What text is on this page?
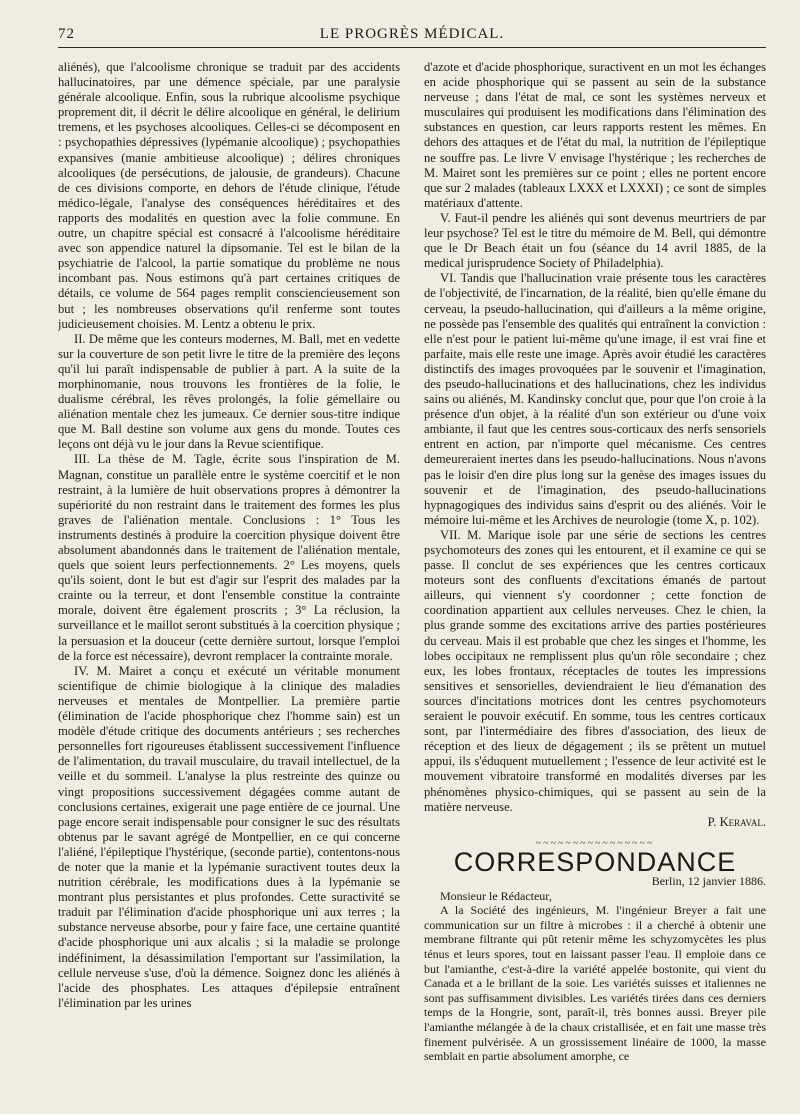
72	LE PROGRÈS MÉDICAL.

aliénés), que l'alcoolisme chronique se traduit par des accidents hallucinatoires, par une démence spéciale, par une paralysie générale alcoolique. Enfin, sous la rubrique alcoolisme psychique proprement dit, il décrit le délire alcoolique en général, le delirium tremens, et les psychoses alcooliques. Celles-ci se décomposent en : psychopathies dépressives (lypémanie alcoolique) ; psychopathies expansives (manie ambitieuse alcoolique) ; délires chroniques alcooliques (de persécutions, de jalousie, de grandeurs). Chacune de ces divisions comporte, en dehors de l'étude clinique, l'étude médico-légale, l'analyse des conséquences héréditaires et des rapports des modalités en question avec la folie commune. En outre, un chapitre spécial est consacré à l'alcoolisme héréditaire avec son appendice naturel la dipsomanie. Tel est le bilan de la psychiatrie de l'alcool, la partie somatique du problème ne nous incombant pas. Nous estimons qu'à part certaines critiques de détails, ce volume de 564 pages remplit consciencieusement son but ; les nombreuses observations qu'il renferme sont toutes judicieusement choisies. M. Lentz a obtenu le prix.

II. De même que les conteurs modernes, M. Ball, met en vedette sur la couverture de son petit livre le titre de la première des leçons qu'il lui paraît indispensable de publier à part. A la suite de la morphinomanie, nous trouvons les frontières de la folie, le dualisme cérébral, les rêves prolongés, la folie gémellaire ou aliénation mentale chez les jumeaux. Ce dernier sous-titre indique que M. Ball destine son volume aux gens du monde. Toutes ces leçons ont déjà vu le jour dans la Revue scientifique.

III. La thèse de M. Tagle, écrite sous l'inspiration de M. Magnan, constitue un parallèle entre le système coercitif et le non restraint, à la lumière de huit observations propres à démontrer la supériorité du non restraint dans le traitement des formes les plus graves de l'aliénation mentale. Conclusions : 1° Tous les instruments destinés à produire la coercition physique doivent être absolument abandonnés dans le traitement de l'aliénation mentale, quels que soient leurs perfectionnements. 2° Les moyens, quels qu'ils soient, dont le but est d'agir sur l'esprit des malades par la crainte ou la terreur, et dont l'ensemble constitue la contrainte morale, doivent être également proscrits ; 3° La réclusion, la surveillance et le maillot seront substitués à la coercition physique ; la persuasion et la douceur (cette dernière surtout, lorsque l'emploi de la force est nécessaire), devront remplacer la contrainte morale.

IV. M. Mairet a conçu et exécuté un véritable monument scientifique de chimie biologique à la clinique des maladies nerveuses et mentales de Montpellier. La première partie (élimination de l'acide phosphorique chez l'homme sain) est un modèle d'étude critique des documents antérieurs ; ses recherches personnelles fort rigoureuses établissent successivement l'influence de l'alimentation, du travail musculaire, du travail intellectuel, de la veille et du sommeil. L'analyse la plus restreinte des quinze ou vingt propositions successivement dégagées comme autant de conclusions certaines, exigerait une page entière de ce journal. Une page encore serait indispensable pour consigner le suc des résultats obtenus par le savant agrégé de Montpellier, en ce qui concerne l'aliéné, l'épileptique l'hystérique, (seconde partie), contentons-nous de noter que la manie et la lypémanie suractivent toutes deux la nutrition cérébrale, les modifications dues à la lypémanie se montrant plus persistantes et plus profondes. Cette suractivité se traduit par l'élimination d'acide phosphorique uni aux terres ; la substance nerveuse absorbe, pour y faire face, une certaine quantité d'acide phosphorique uni aux alcalis ; si la maladie se prolonge indéfiniment, la désassimilation l'emportant sur l'assimilation, la cellule nerveuse s'use, d'où la démence. Soignez donc les aliénés à l'acide des phosphates. Les attaques d'épilepsie entraînent l'élimination par les urines

d'azote et d'acide phosphorique, suractivent en un mot les échanges en acide phosphorique qui se passent au sein de la substance nerveuse ; dans l'état de mal, ce sont les systèmes nerveux et musculaires qui produisent les modifications dans l'élimination des substances en question, car leurs rapports restent les mêmes. En dehors des attaques et de l'état du mal, la nutrition de l'épileptique ne souffre pas. Le livre V envisage l'hystérique ; les recherches de M. Mairet sont les premières sur ce point ; elles ne portent encore que sur 2 malades (tableaux LXXX et LXXXI) ; ce sont de simples matériaux d'attente.

V. Faut-il pendre les aliénés qui sont devenus meurtriers de par leur psychose? Tel est le titre du mémoire de M. Bell, qui démontre que le Dr Beach était un fou (séance du 14 avril 1885, de la medical jurisprudence Society of Philadelphia).

VI. Tandis que l'hallucination vraie présente tous les caractères de l'objectivité, de l'incarnation, de la réalité, bien qu'elle émane du cerveau, la pseudo-hallucination, qui d'ailleurs a la même origine, ne possède pas l'ensemble des qualités qui entraînent la conviction : elle n'est pour le patient lui-même qu'une image, il est vrai fine et parfaite, mais elle reste une image. Après avoir étudié les caractères distinctifs des images provoquées par le souvenir et l'imagination, des pseudo-hallucinations et des hallucinations, chez les individus sains ou aliénés, M. Kandinsky conclut que, pour que l'on croie à la présence d'un objet, à la réalité d'un son extérieur ou d'une voix ambiante, il faut que les centres sous-corticaux des nerfs sensoriels entrent en action, par n'importe quel mécanisme. Ces centres demeureraient inertes dans les pseudo-hallucinations. Nous n'avons pas le loisir d'en dire plus long sur la genèse des images issues du souvenir et de l'imagination, des pseudo-hallucinations hypnagogiques des individus sains d'esprit ou des aliénés. Voir le mémoire lui-même et les Archives de neurologie (tome X, p. 102).

VII. M. Marique isole par une série de sections les centres psychomoteurs des zones qui les entourent, et il examine ce qui se passe. Il conclut de ses expériences que les centres corticaux moteurs sont des confluents d'excitations émanés de partout ailleurs, qui viennent s'y coordonner ; cette fonction de coordination appartient aux cellules nerveuses. Chez le chien, la plus grande somme des excitations arrive des parties postérieures du cerveau. Mais il est probable que chez les singes et l'homme, les lobes occipitaux ne remplissent plus qu'un rôle secondaire ; chez eux, les lobes frontaux, réceptacles de toutes les impressions sensitives et sensorielles, deviendraient le lieu d'émanation des sources d'incitations motrices dont les centres psychomoteurs seraient le pouvoir exécutif. En somme, tous les centres corticaux sont, par l'intermédiaire des fibres d'association, des lieux de réception et des lieux de dégagement ; ils se prêtent un mutuel appui, ils s'éduquent mutuellement ; l'essence de leur activité est le mouvement vibratoire transformé en modalités diverses par les phénomènes physico-chimiques, qui se passent au sein de la matière nerveuse.

P. Keraval.

~~~~~~~~~~~~~~~~
CORRESPONDANCE

Berlin, 12 janvier 1886.

Monsieur le Rédacteur,

A la Société des ingénieurs, M. l'ingénieur Breyer a fait une communication sur un filtre à microbes : il a cherché à obtenir une membrane filtrante qui pût retenir même les schyzomycètes les plus ténus et leurs spores, tout en laissant passer l'eau. Il emploie dans ce but l'amianthe, c'est-à-dire la variété appelée bostonite, qui vient du Canada et a le brillant de la soie. Les variétés suisses et italiennes ne sont pas suffisamment divisibles. Les variétés tirées dans ces derniers temps de la Hongrie, sont, paraît-il, très bonnes aussi. Breyer pile l'amianthe mélangée à de la chaux cristallisée, et en fait une masse très finement pulvérisée. A un grossissement linéaire de 1000, la masse semblait en partie absolument amorphe, ce
